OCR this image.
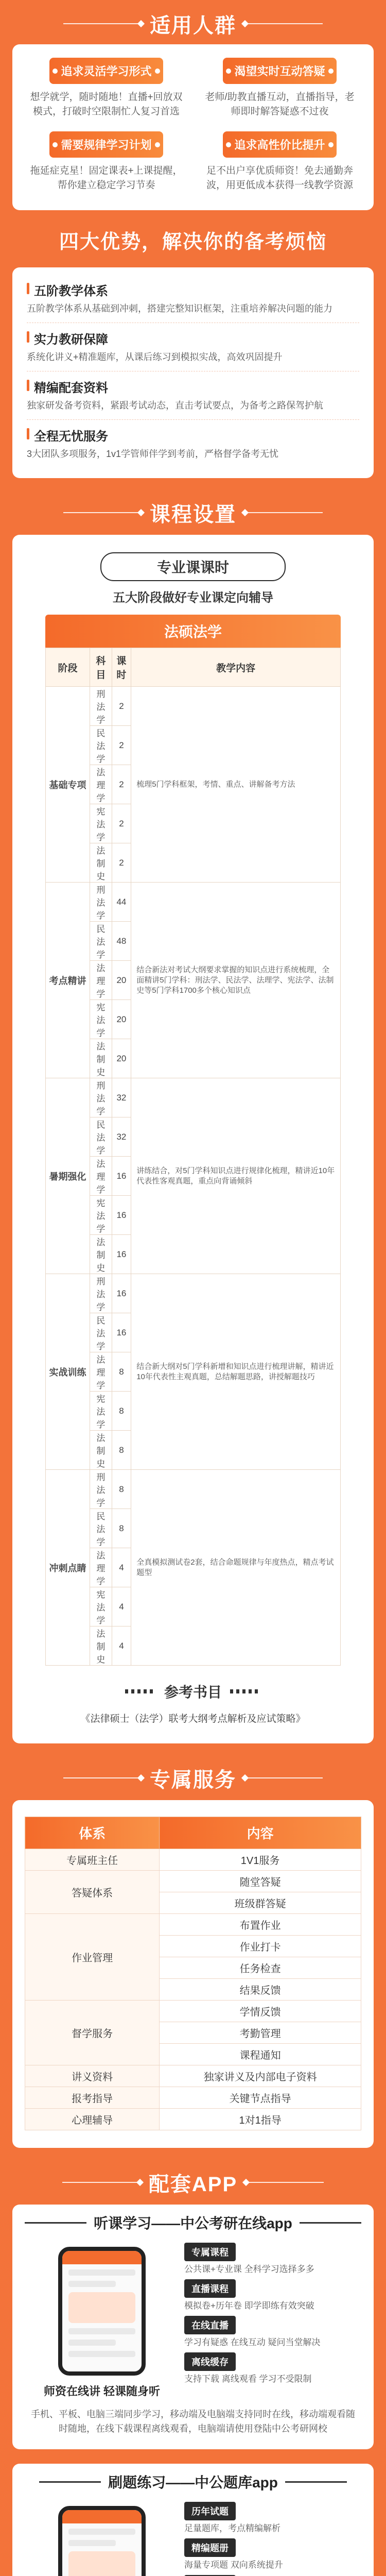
适用人群
追求灵活学习形式

想学就学，随时随地！直播+回放双模式，打破时空限制忙人复习首选

渴望实时互动答疑

老师/助教直播互动，直播指导，老师即时解答疑惑不过夜

需要规律学习计划

拖延症克星！固定课表+上课提醒，帮你建立稳定学习节奏

追求高性价比提升

足不出户享优质师资！免去通勤奔波，用更低成本获得一线教学资源

四大优势，解决你的备考烦恼
五阶教学体系

五阶教学体系从基础到冲刺，搭建完整知识框架，注重培养解决问题的能力

实力教研保障

系统化讲义+精准题库，从课后练习到模拟实战，高效巩固提升

精编配套资料

独家研发备考资料，紧跟考试动态，直击考试要点，为备考之路保驾护航

全程无忧服务

3大团队多项服务，1v1学管师伴学到考前，严格督学备考无忧

课程设置
专业课课时
五大阶段做好专业课定向辅导
法硕法学
阶段	科目	课时	教学内容
基础专项	刑法学	2	梳理5门学科框架，考情、重点、讲解备考方法
	民法学	2	
	法理学	2	
	宪法学	2	
	法制史	2	
考点精讲	刑法学	44	结合新法对考试大纲要求掌握的知识点进行系统梳理，全面精讲5门学科：刑法学、民法学、法理学、宪法学、法制史等5门学科1700多个核心知识点
	民法学	48	
	法理学	20	
	宪法学	20	
	法制史	20	
暑期强化	刑法学	32	讲练结合，对5门学科知识点进行规律化梳理，精讲近10年代表性客观真题，重点向背诵倾斜
	民法学	32	
	法理学	16	
	宪法学	16	
	法制史	16	
实战训练	刑法学	16	结合新大纲对5门学科新增和知识点进行梳理讲解，精讲近10年代表性主观真题，总结解题思路，讲授解题技巧
	民法学	16	
	法理学	8	
	宪法学	8	
	法制史	8	
冲刺点睛	刑法学	8	全真模拟测试卷2套，结合命题规律与年度热点，精点考试题型
	民法学	8	
	法理学	4	
	宪法学	4	
	法制史	4	
参考书目
《法律硕士（法学）联考大纲考点解析及应试策略》
专属服务
体系	内容
专属班主任	1V1服务
答疑体系	随堂答疑
	班级群答疑
作业管理	布置作业
	作业打卡
	任务检查
	结果反馈
督学服务	学情反馈
	考勤管理
	课程通知
讲义资料	独家讲义及内部电子资料
报考指导	关键节点指导
心理辅导	1对1指导
配套APP
听课学习——中公考研在线app
师资在线讲 轻课随身听
专属课程

公共课+专业课 全科学习选择多多

直播课程

模拟卷+历年卷 即学即练有效突破

在线直播

学习有疑惑 在线互动 疑问当堂解决

离线缓存

支持下载 离线观看 学习不受限制

手机、平板、电脑三端同步学习，移动端及电脑端支持同时在线，移动端观看随时随地，在线下载课程离线观看，电脑端请使用登陆中公考研网校
刷题练习——中公题库app
历年试题

足量题库，考点精编解析

精编题册

海量专项题 双向系统提升
